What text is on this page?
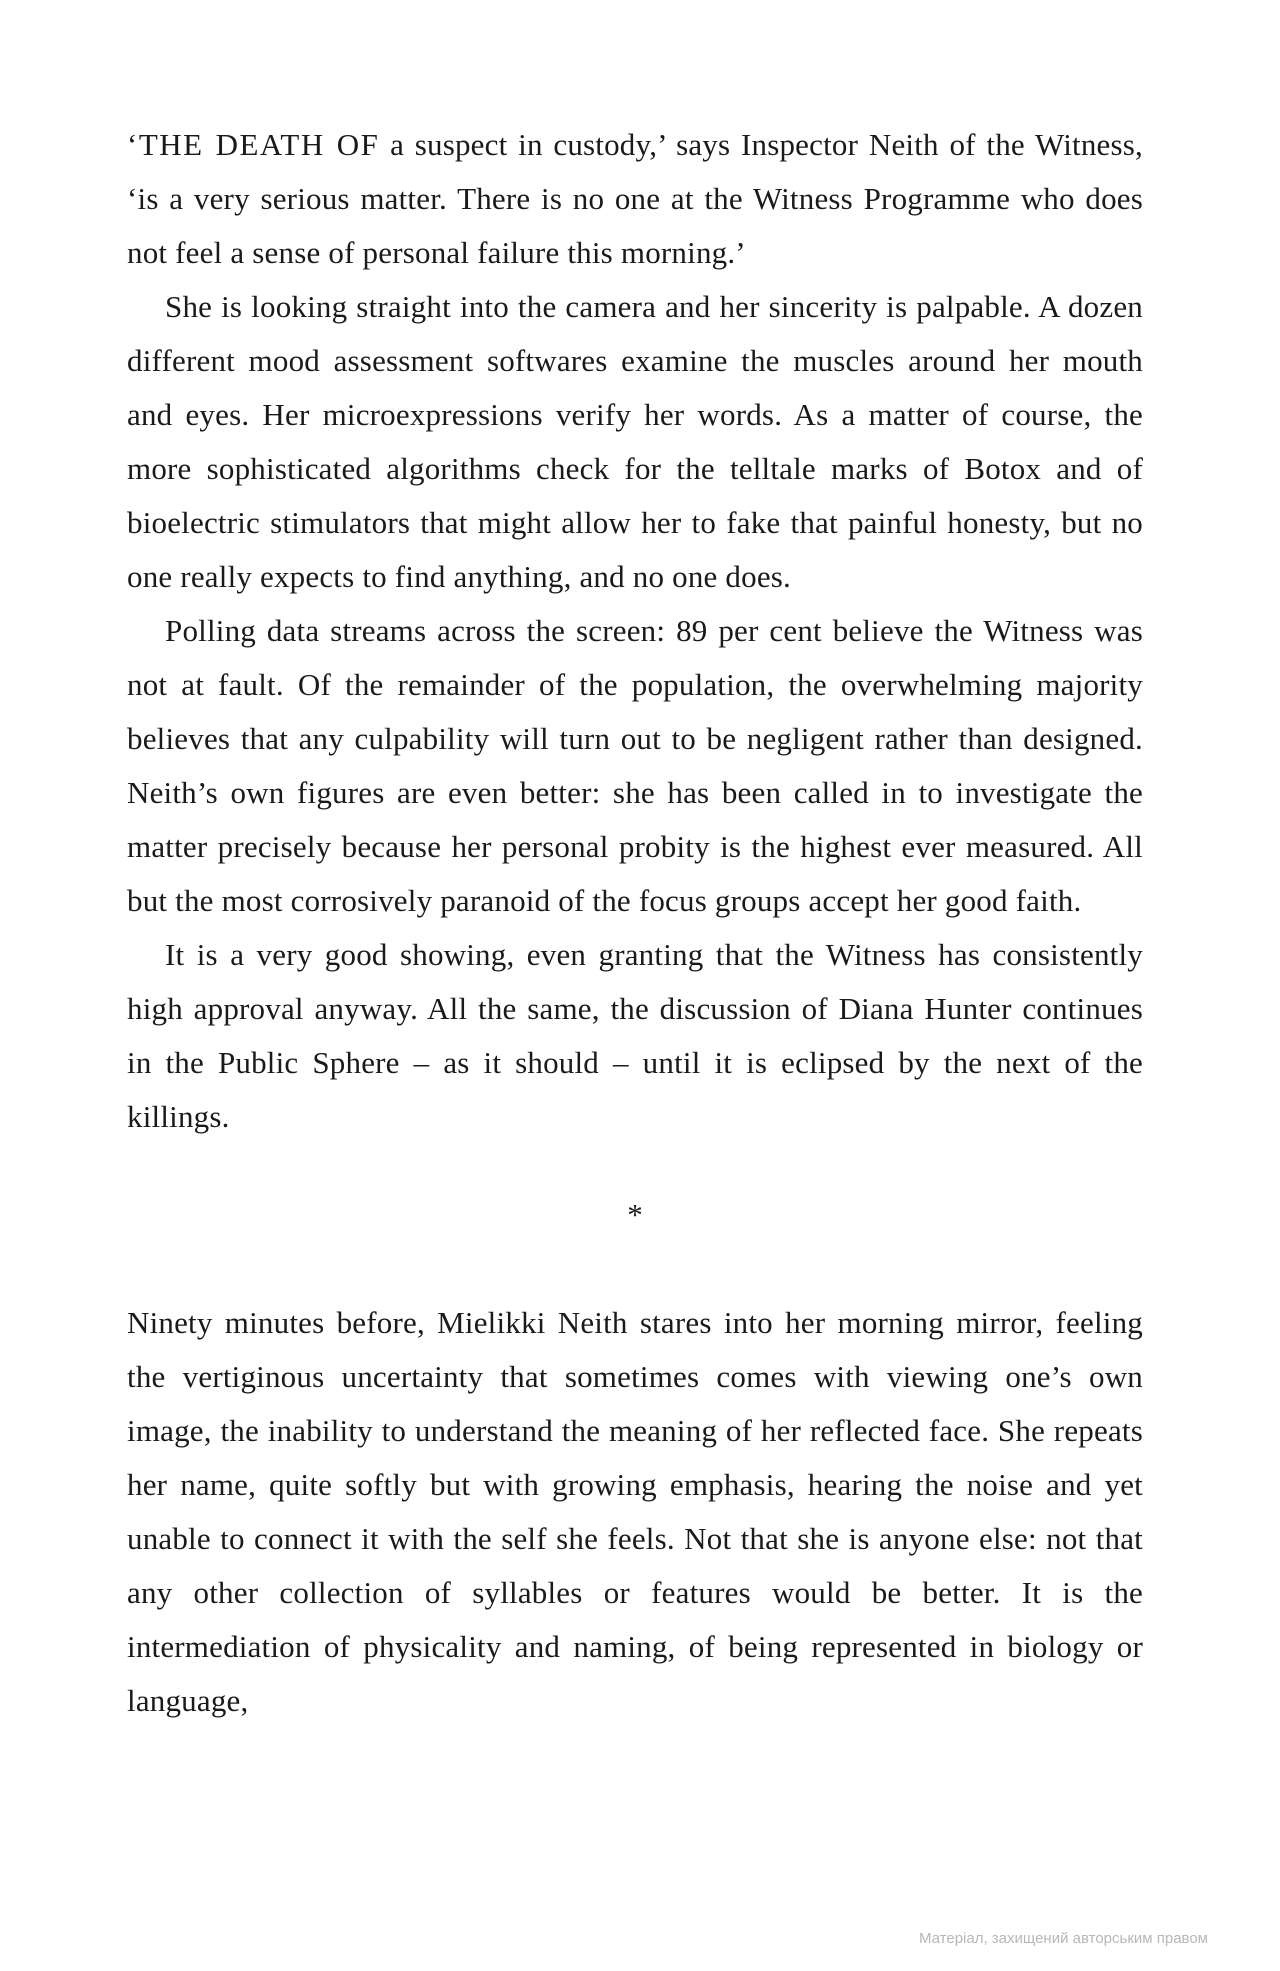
‘THE DEATH OF a suspect in custody,’ says Inspector Neith of the Witness, ‘is a very serious matter. There is no one at the Witness Programme who does not feel a sense of personal failure this morning.’

She is looking straight into the camera and her sincerity is palpable. A dozen different mood assessment softwares examine the muscles around her mouth and eyes. Her microexpressions verify her words. As a matter of course, the more sophisticated algorithms check for the telltale marks of Botox and of bioelectric stimulators that might allow her to fake that painful honesty, but no one really expects to find anything, and no one does.

Polling data streams across the screen: 89 per cent believe the Witness was not at fault. Of the remainder of the population, the overwhelming majority believes that any culpability will turn out to be negligent rather than designed. Neith’s own figures are even better: she has been called in to investigate the matter precisely because her personal probity is the highest ever measured. All but the most corrosively paranoid of the focus groups accept her good faith.

It is a very good showing, even granting that the Witness has consistently high approval anyway. All the same, the discussion of Diana Hunter continues in the Public Sphere – as it should – until it is eclipsed by the next of the killings.

*

Ninety minutes before, Mielikki Neith stares into her morning mirror, feeling the vertiginous uncertainty that sometimes comes with viewing one’s own image, the inability to understand the meaning of her reflected face. She repeats her name, quite softly but with growing emphasis, hearing the noise and yet unable to connect it with the self she feels. Not that she is anyone else: not that any other collection of syllables or features would be better. It is the intermediation of physicality and naming, of being represented in biology or language,

Матеріал, захищений авторським правом
